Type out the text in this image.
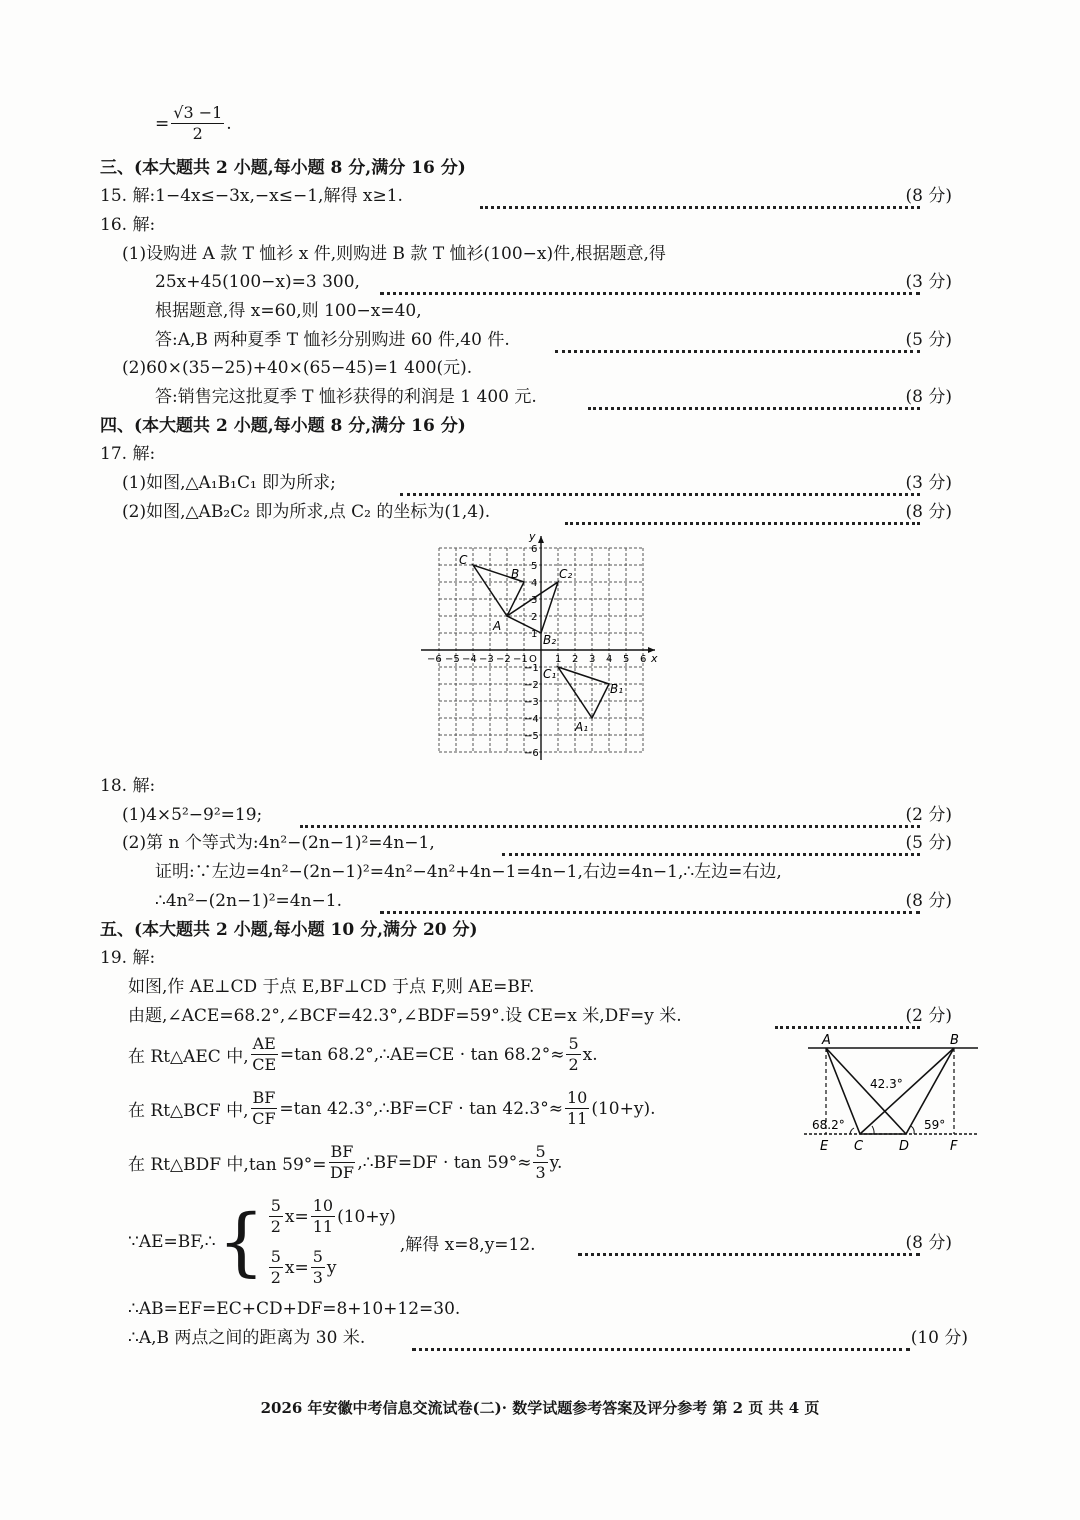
= $\frac{√3 -1}{2}$ .
三、(本大题共 2 小题,每小题 8 分,满分 16 分)
15. 解:1−4x≤−3x,−x≤−1,解得 x≥1.	(8 分)
16. 解:
(1)设购进 A 款 T 恤衫 x 件,则购进 B 款 T 恤衫(100−x)件,根据题意,得
25x+45(100−x)=3 300,	(3 分)
根据题意,得 x=60,则 100−x=40,
答:A,B 两种夏季 T 恤衫分别购进 60 件,40 件.	(5 分)
(2)60×(35−25)+40×(65−45)=1 400(元).
答:销售完这批夏季 T 恤衫获得的利润是 1 400 元.	(8 分)
四、(本大题共 2 小题,每小题 8 分,满分 16 分)
17. 解:
(1)如图,△A₁B₁C₁ 即为所求;	(3 分)
(2)如图,△AB₂C₂ 即为所求,点 C₂ 的坐标为(1,4).	(8 分)
x
y
O
−6 −5 −4 −3 −2 −1	1 2 3 4 5 6
6
5
4
3
2
1
−1
−2
−3
−4
−5
−6
C
B
A
B₂
C₂
C₁
B₁
A₁
18. 解:
(1)4×5²−9²=19;	(2 分)
(2)第 n 个等式为:4n²−(2n−1)²=4n−1,	(5 分)
证明:∵左边=4n²−(2n−1)²=4n²−4n²+4n−1=4n−1,右边=4n−1,∴左边=右边,
∴4n²−(2n−1)²=4n−1.	(8 分)
五、(本大题共 2 小题,每小题 10 分,满分 20 分)
19. 解:
如图,作 AE⊥CD 于点 E,BF⊥CD 于点 F,则 AE=BF.
由题,∠ACE=68.2°,∠BCF=42.3°,∠BDF=59°.设 CE=x 米,DF=y 米.	(2 分)
在 Rt△AEC 中, $\frac{AE}{CE} =\tan$ 68.2°,∴AE=CE · $\tan 68.2^\circ\approx \frac{5}{2} x$.
在 Rt△BCF 中, $\frac{BF}{CF} =\tan$ 42.3°,∴BF=CF · $\tan 42.3^\circ\approx \frac{10}{11} (10+y)$.
在 Rt△BDF 中,tan $59^\circ= \frac{BF}{DF}$ ,∴BF=DF · $\tan 59^\circ\approx \frac{5}{3} y$.
∵AE=BF,∴ { $\frac{5}{2} x= \frac{10}{11} (10+y)$
$\frac{5}{2} x= \frac{5}{3}$ y
,解得 x=8,y=12.	(8 分)
∴AB=EF=EC+CD+DF=8+10+12=30.
∴A,B 两点之间的距离为 30 米.	(10 分)
A	B
E C	D	F
68.2°
42.3°
59°
2026 年安徽中考信息交流试卷(二)· 数学试题参考答案及评分参考 第 2 页 共 4 页
